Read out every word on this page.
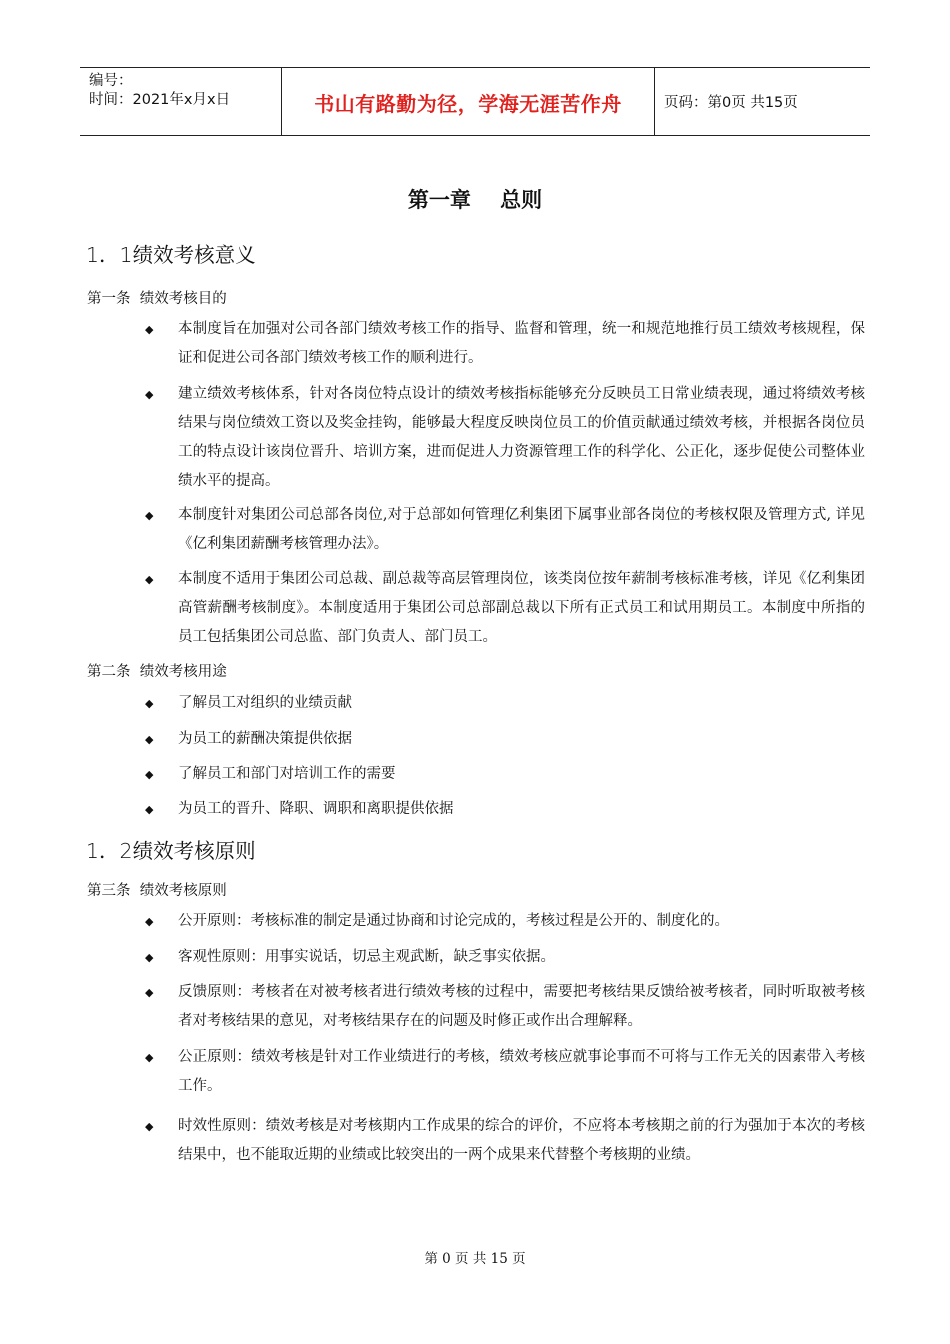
编号：
时间：2021年x月x日	书山有路勤为径，学海无涯苦作舟	页码：第0页 共15页
第一章    总则
1．1绩效考核意义
第一条  绩效考核目的
◆	本制度旨在加强对公司各部门绩效考核工作的指导、监督和管理，统一和规范地推行员工绩效考核规程，保证和促进公司各部门绩效考核工作的顺利进行。
◆	建立绩效考核体系，针对各岗位特点设计的绩效考核指标能够充分反映员工日常业绩表现，通过将绩效考核结果与岗位绩效工资以及奖金挂钩，能够最大程度反映岗位员工的价值贡献通过绩效考核，并根据各岗位员工的特点设计该岗位晋升、培训方案，进而促进人力资源管理工作的科学化、公正化，逐步促使公司整体业绩水平的提高。
◆	本制度针对集团公司总部各岗位,对于总部如何管理亿利集团下属事业部各岗位的考核权限及管理方式, 详见《亿利集团薪酬考核管理办法》。
◆	本制度不适用于集团公司总裁、副总裁等高层管理岗位，该类岗位按年薪制考核标准考核，详见《亿利集团高管薪酬考核制度》。本制度适用于集团公司总部副总裁以下所有正式员工和试用期员工。本制度中所指的员工包括集团公司总监、部门负责人、部门员工。
第二条  绩效考核用途
◆	了解员工对组织的业绩贡献
◆	为员工的薪酬决策提供依据
◆	了解员工和部门对培训工作的需要
◆	为员工的晋升、降职、调职和离职提供依据
1．2绩效考核原则
第三条  绩效考核原则
◆	公开原则：考核标准的制定是通过协商和讨论完成的，考核过程是公开的、制度化的。
◆	客观性原则：用事实说话，切忌主观武断，缺乏事实依据。
◆	反馈原则：考核者在对被考核者进行绩效考核的过程中，需要把考核结果反馈给被考核者，同时听取被考核者对考核结果的意见，对考核结果存在的问题及时修正或作出合理解释。
◆	公正原则：绩效考核是针对工作业绩进行的考核，绩效考核应就事论事而不可将与工作无关的因素带入考核工作。
◆	时效性原则：绩效考核是对考核期内工作成果的综合的评价，不应将本考核期之前的行为强加于本次的考核结果中，也不能取近期的业绩或比较突出的一两个成果来代替整个考核期的业绩。
第 0 页 共 15 页
